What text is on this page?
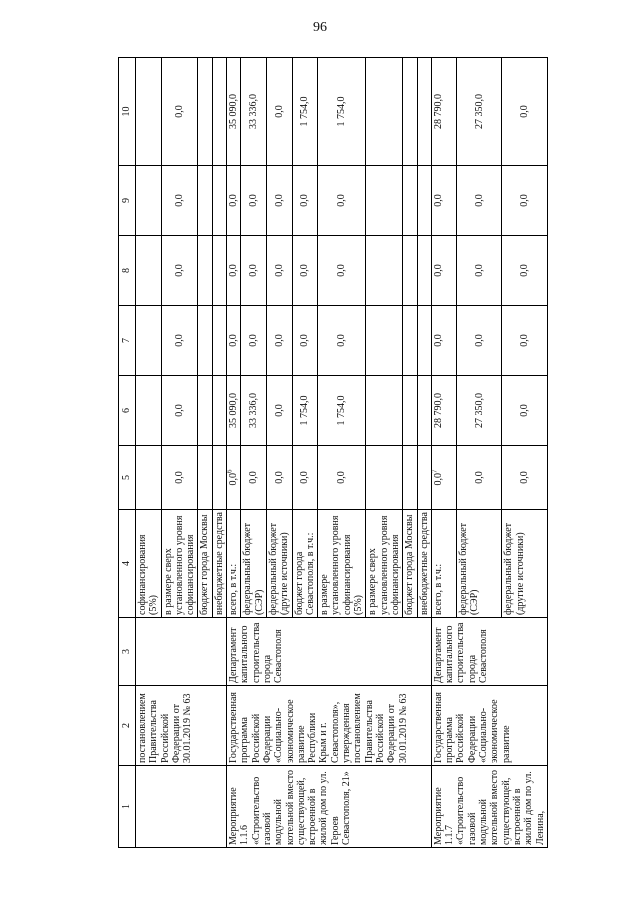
96
1	2	3	4	5	6	7	8	9	10
	постановлением Правительства Российской Федерации от 30.01.2019 № 63		софинансирования (5%)						
			в размере сверх установленного уровня софинансирования	0,0	0,0	0,0	0,0	0,0	0,0
			бюджет города Москвы						
			внебюджетные средства						
Мероприятие 1.1.6 «Строительство газовой модульной котельной вместо существующей, встроенной в жилой дом по ул. Героев Севастополя, 21»	Государственная программа Российской Федерации «Социально-экономическое развитие Республики Крым и г. Севастополя», утвержденная постановлением Правительства Российской Федерации от 30.01.2019 № 63	Департамент капитального строительства города Севастополя	всего, в т.ч.:	$0,0^6$	35 090,0	0,0	0,0	0,0	35 090,0
			федеральный бюджет (СЭР)	0,0	33 336,0	0,0	0,0	0,0	33 336,0
			федеральный бюджет (другие источники)	0,0	0,0	0,0	0,0	0,0	0,0
			бюджет города Севастополя, в т.ч.:	0,0	1 754,0	0,0	0,0	0,0	1 754,0
			в размере установленного уровня софинансирования (5%)	0,0	1 754,0	0,0	0,0	0,0	1 754,0
			в размере сверх установленного уровня софинансирования						
			бюджет города Москвы						
			внебюджетные средства						
Мероприятие 1.1.7 «Строительство газовой модульной котельной вместо существующей, встроенной в жилой дом по ул. Ленина,	Государственная программа Российской Федерации «Социально-экономическое развитие	Департамент капитального строительства города Севастополя	всего, в т.ч.:	$0,0^7$	28 790,0	0,0	0,0	0,0	28 790,0
			федеральный бюджет (СЭР)	0,0	27 350,0	0,0	0,0	0,0	27 350,0
			федеральный бюджет (другие источники)	0,0	0,0	0,0	0,0	0,0	0,0
